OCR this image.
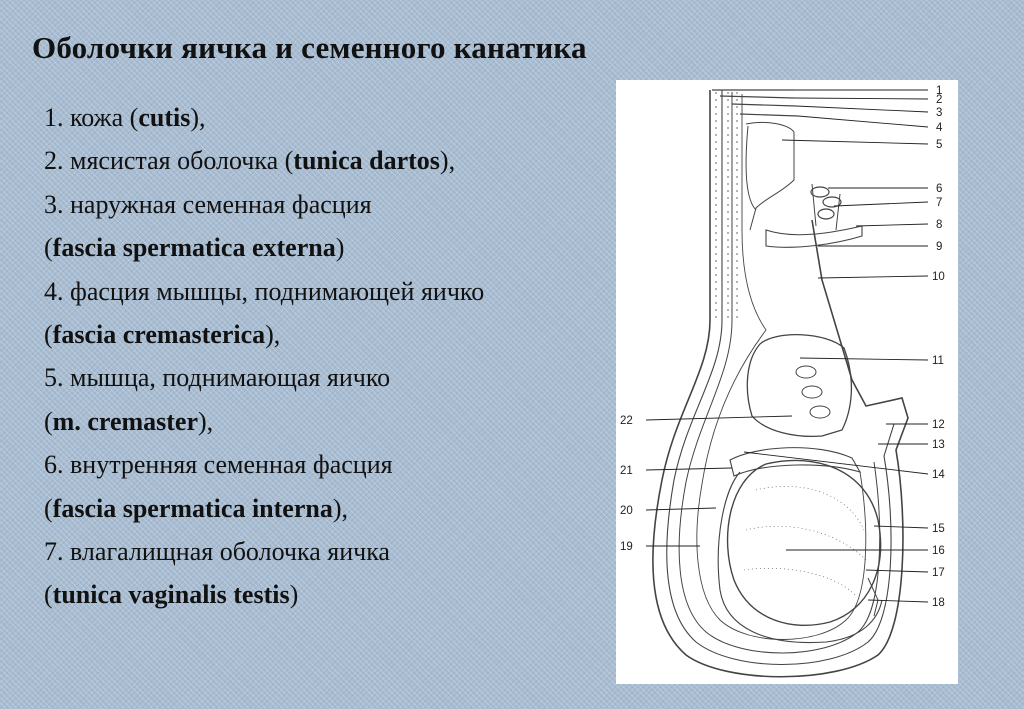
Оболочки яичка и семенного канатика
1. кожа (cutis),
2. мясистая оболочка (tunica dartos),
3. наружная семенная фасция
(fascia spermatica externa)
4. фасция мышцы, поднимающей яичко
(fascia cremasterica),
5. мышца, поднимающая яичко
(m. cremaster),
6. внутренняя семенная фасция
(fascia spermatica interna),
7. влагалищная оболочка яичка
(tunica vaginalis testis)
1
2
3
4
5
6
7
8
9
10
11
12
13
14
15
16
17
18
22
21
20
19
